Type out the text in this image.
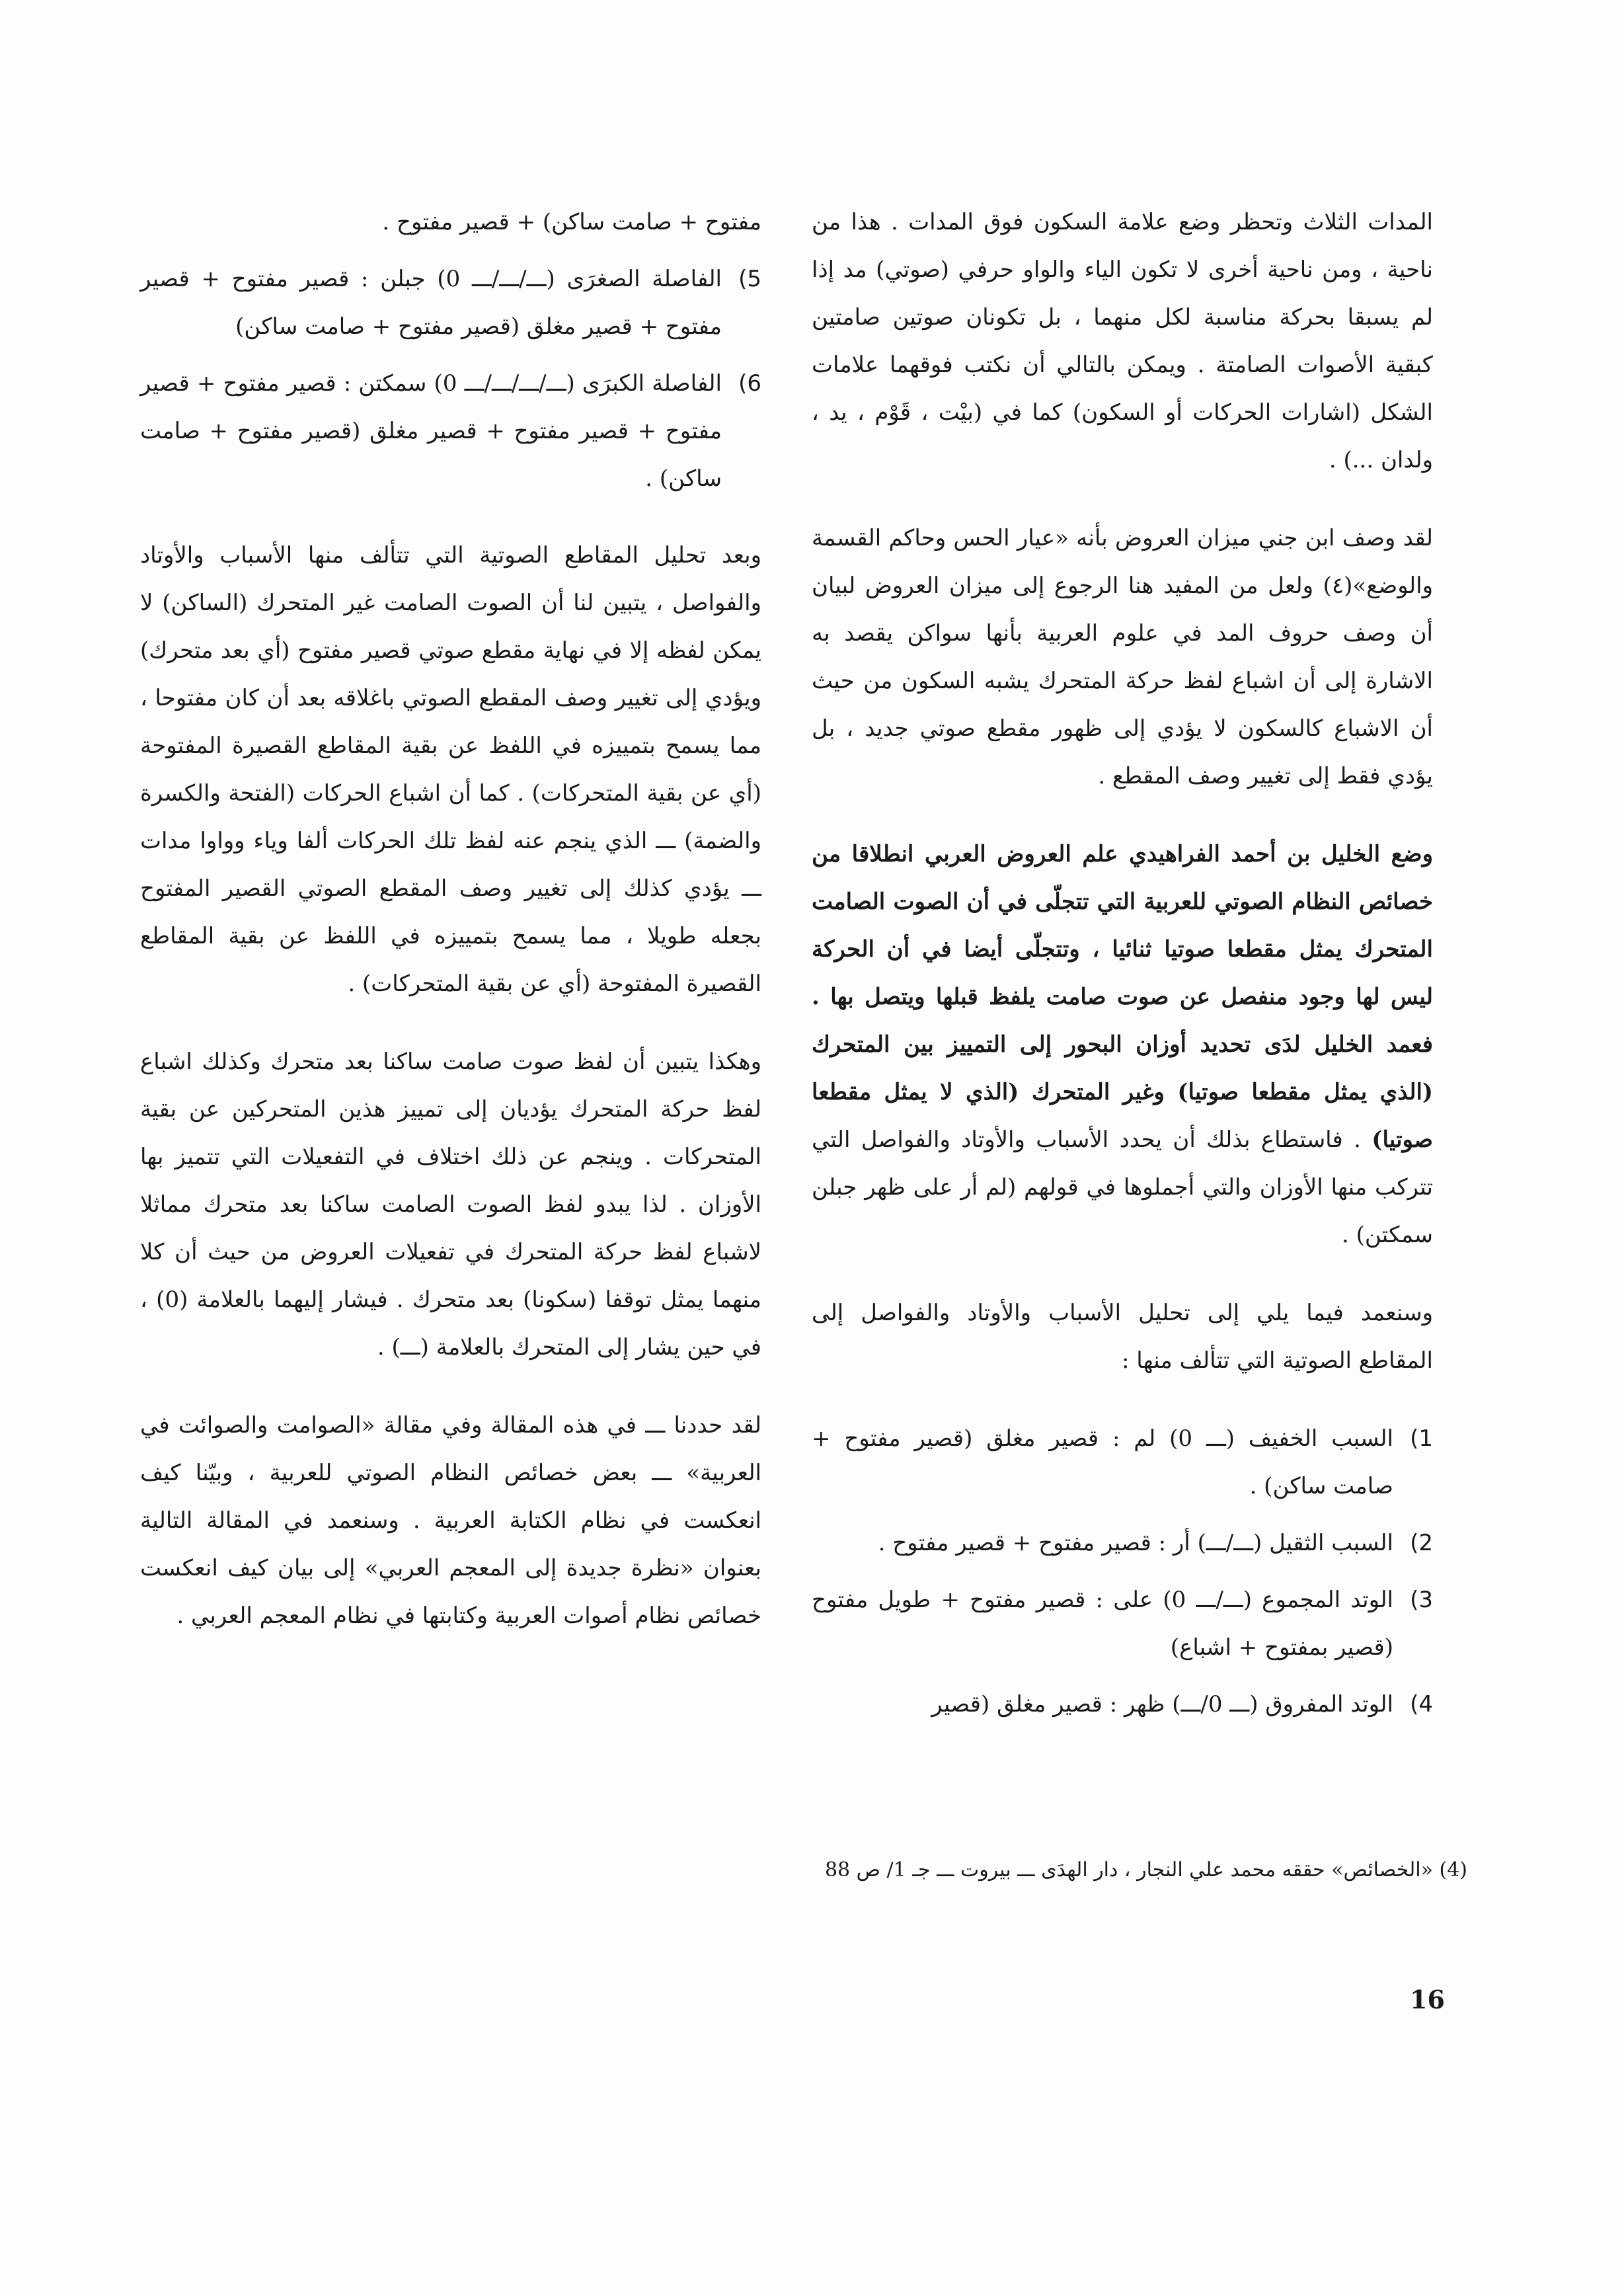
المدات الثلاث وتحظر وضع علامة السكون فوق المدات . هذا من ناحية ، ومن ناحية أخرى لا تكون الياء والواو حرفي (صوتي) مد إذا لم يسبقا بحركة مناسبة لكل منهما ، بل تكونان صوتين صامتين كبقية الأصوات الصامتة . ويمكن بالتالي أن نكتب فوقهما علامات الشكل (اشارات الحركات أو السكون) كما في (بيْت ، قَوْم ، يد ، ولدان ...) .

لقد وصف ابن جني ميزان العروض بأنه «عيار الحس وحاكم القسمة والوضع»(٤) ولعل من المفيد هنا الرجوع إلى ميزان العروض لبيان أن وصف حروف المد في علوم العربية بأنها سواكن يقصد به الاشارة إلى أن اشباع لفظ حركة المتحرك يشبه السكون من حيث أن الاشباع كالسكون لا يؤدي إلى ظهور مقطع صوتي جديد ، بل يؤدي فقط إلى تغيير وصف المقطع .

وضع الخليل بن أحمد الفراهيدي علم العروض العربي انطلاقا من خصائص النظام الصوتي للعربية التي تتجلّى في أن الصوت الصامت المتحرك يمثل مقطعا صوتيا ثنائيا ، وتتجلّى أيضا في أن الحركة ليس لها وجود منفصل عن صوت صامت يلفظ قبلها ويتصل بها . فعمد الخليل لدَى تحديد أوزان البحور إلى التمييز بين المتحرك (الذي يمثل مقطعا صوتيا) وغير المتحرك (الذي لا يمثل مقطعا صوتيا) . فاستطاع بذلك أن يحدد الأسباب والأوتاد والفواصل التي تتركب منها الأوزان والتي أجملوها في قولهم (لم أر على ظهر جبلن سمكتن) .

وسنعمد فيما يلي إلى تحليل الأسباب والأوتاد والفواصل إلى المقاطع الصوتية التي تتألف منها :

1)
السبب الخفيف (ـــ 0) لم : قصير مغلق (قصير مفتوح + صامت ساكن) .
2)
السبب الثقيل (ـــ/ـــ) أر : قصير مفتوح + قصير مفتوح .
3)
الوتد المجموع (ـــ/ـــ 0) على : قصير مفتوح + طويل مفتوح (قصير بمفتوح + اشباع)
4)
الوتد المفروق (ـــ 0/ـــ) ظهر : قصير مغلق (قصير
مفتوح + صامت ساكن) + قصير مفتوح .
5)
الفاصلة الصغرَى (ـــ/ـــ/ـــ 0) جبلن : قصير مفتوح + قصير مفتوح + قصير مغلق (قصير مفتوح + صامت ساكن)
6)
الفاصلة الكبرَى (ـــ/ـــ/ـــ/ـــ 0) سمكتن : قصير مفتوح + قصير مفتوح + قصير مفتوح + قصير مغلق (قصير مفتوح + صامت ساكن) .

وبعد تحليل المقاطع الصوتية التي تتألف منها الأسباب والأوتاد والفواصل ، يتبين لنا أن الصوت الصامت غير المتحرك (الساكن) لا يمكن لفظه إلا في نهاية مقطع صوتي قصير مفتوح (أي بعد متحرك) ويؤدي إلى تغيير وصف المقطع الصوتي باغلاقه بعد أن كان مفتوحا ، مما يسمح بتمييزه في اللفظ عن بقية المقاطع القصيرة المفتوحة (أي عن بقية المتحركات) . كما أن اشباع الحركات (الفتحة والكسرة والضمة) ـــ الذي ينجم عنه لفظ تلك الحركات ألفا وياء وواوا مدات ـــ يؤدي كذلك إلى تغيير وصف المقطع الصوتي القصير المفتوح بجعله طويلا ، مما يسمح بتمييزه في اللفظ عن بقية المقاطع القصيرة المفتوحة (أي عن بقية المتحركات) .

وهكذا يتبين أن لفظ صوت صامت ساكنا بعد متحرك وكذلك اشباع لفظ حركة المتحرك يؤديان إلى تمييز هذين المتحركين عن بقية المتحركات . وينجم عن ذلك اختلاف في التفعيلات التي تتميز بها الأوزان . لذا يبدو لفظ الصوت الصامت ساكنا بعد متحرك مماثلا لاشباع لفظ حركة المتحرك في تفعيلات العروض من حيث أن كلا منهما يمثل توقفا (سكونا) بعد متحرك . فيشار إليهما بالعلامة (0) ، في حين يشار إلى المتحرك بالعلامة (ـــ) .

لقد حددنا ـــ في هذه المقالة وفي مقالة «الصوامت والصوائت في العربية» ـــ بعض خصائص النظام الصوتي للعربية ، وبيّنا كيف انعكست في نظام الكتابة العربية . وسنعمد في المقالة التالية بعنوان «نظرة جديدة إلى المعجم العربي» إلى بيان كيف انعكست خصائص نظام أصوات العربية وكتابتها في نظام المعجم العربي .

(4) «الخصائص» حققه محمد علي النجار ، دار الهدَى ـــ بيروت ـــ جـ 1/ ص 88
16
